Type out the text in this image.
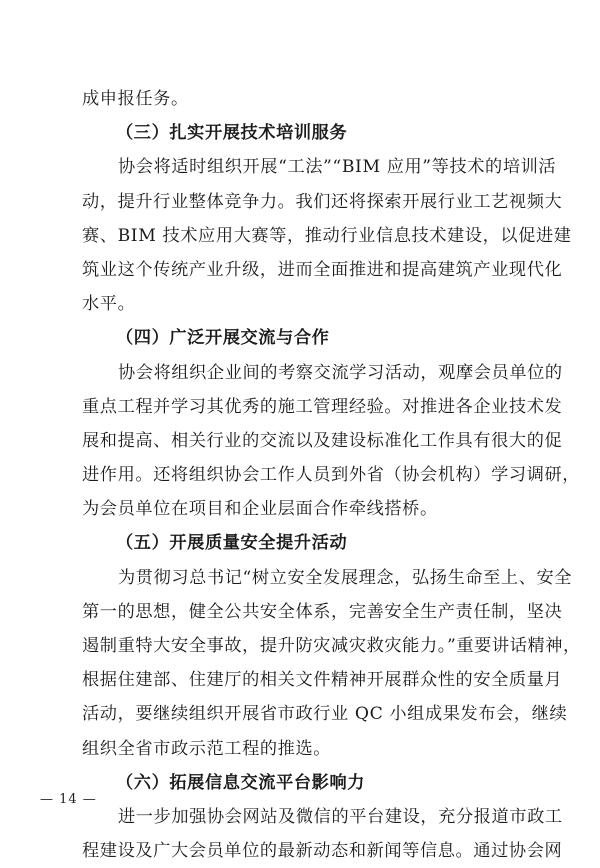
成申报任务。
（三）扎实开展技术培训服务
协会将适时组织开展“工法”“BIM 应用”等技术的培训活
动，提升行业整体竞争力。我们还将探索开展行业工艺视频大
赛、BIM 技术应用大赛等，推动行业信息技术建设，以促进建
筑业这个传统产业升级，进而全面推进和提高建筑产业现代化
水平。
（四）广泛开展交流与合作
协会将组织企业间的考察交流学习活动，观摩会员单位的
重点工程并学习其优秀的施工管理经验。对推进各企业技术发
展和提高、相关行业的交流以及建设标准化工作具有很大的促
进作用。还将组织协会工作人员到外省（协会机构）学习调研，
为会员单位在项目和企业层面合作牵线搭桥。
（五）开展质量安全提升活动
为贯彻习总书记“树立安全发展理念，弘扬生命至上、安全
第一的思想，健全公共安全体系，完善安全生产责任制，坚决
遏制重特大安全事故，提升防灾减灾救灾能力。”重要讲话精神，
根据住建部、住建厅的相关文件精神开展群众性的安全质量月
活动，要继续组织开展省市政行业 QC 小组成果发布会，继续
组织全省市政示范工程的推选。
（六）拓展信息交流平台影响力
进一步加强协会网站及微信的平台建设，充分报道市政工
程建设及广大会员单位的最新动态和新闻等信息。通过协会网
— 14 —
